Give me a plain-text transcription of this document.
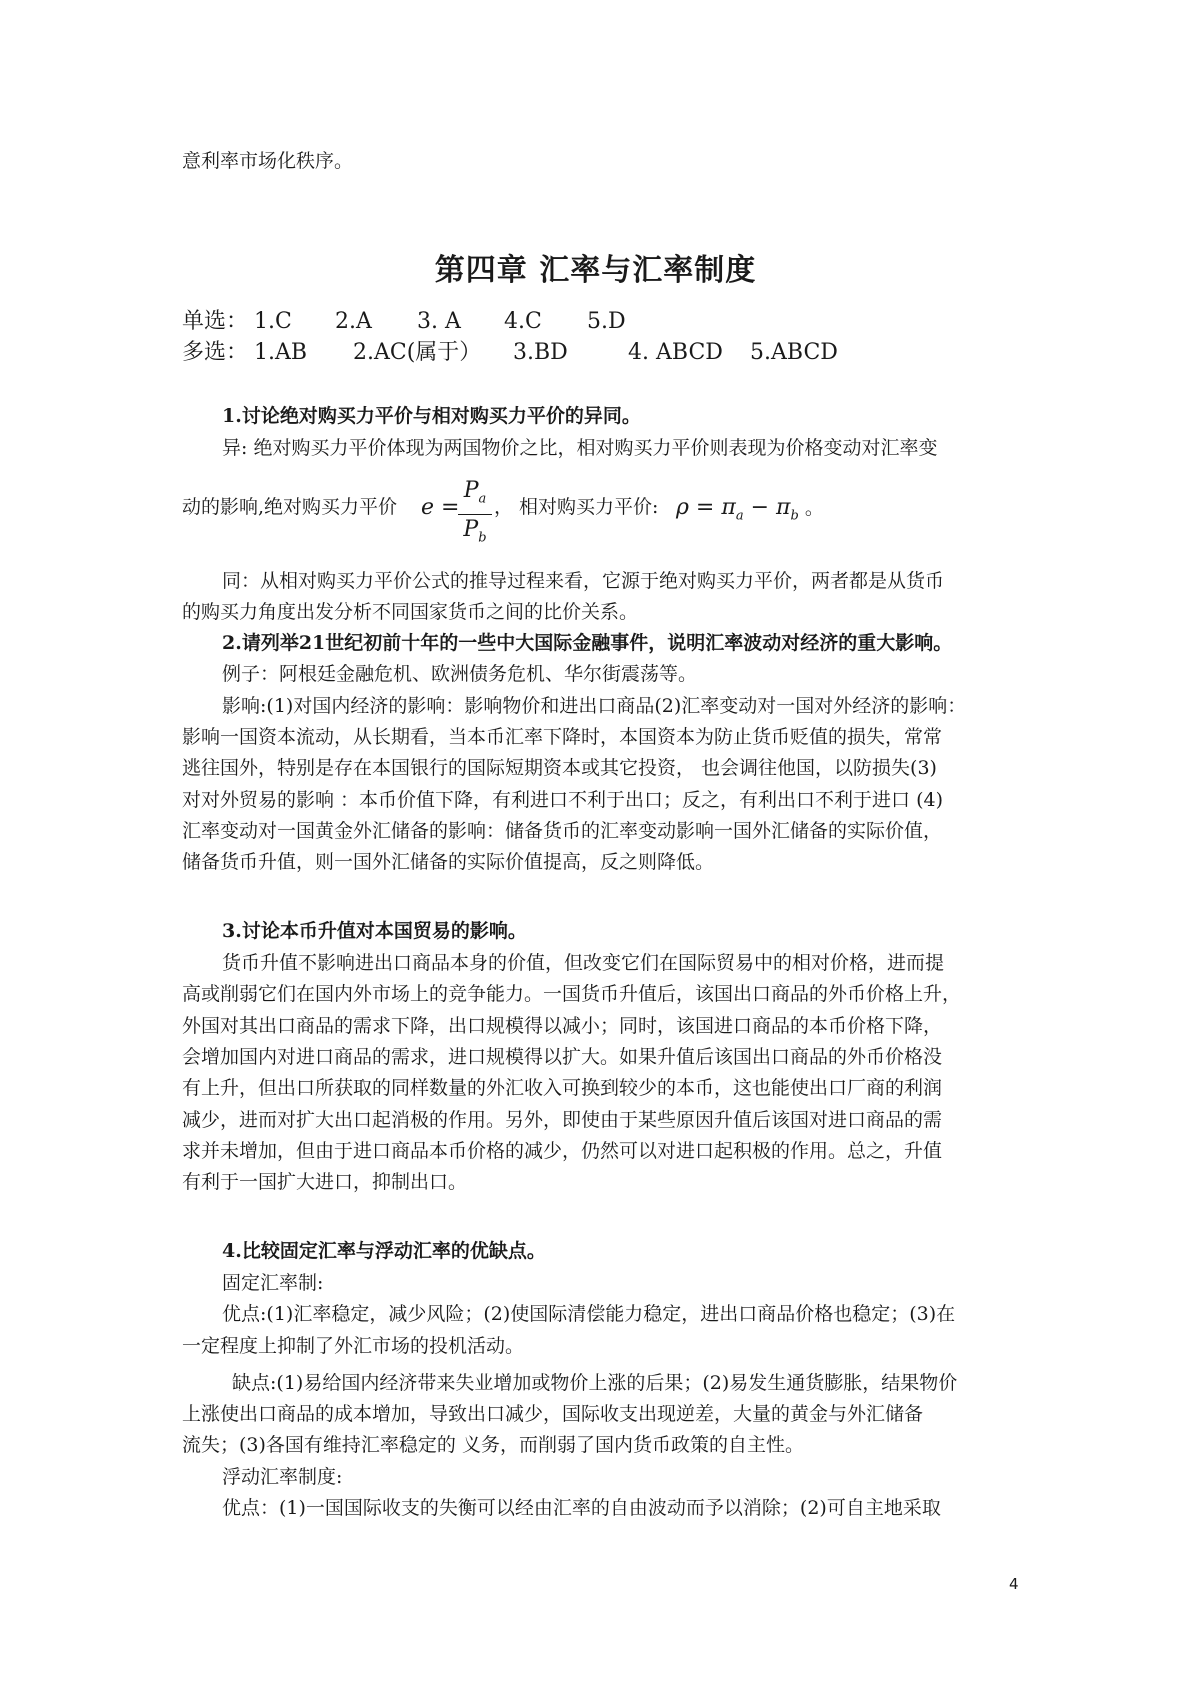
意利率市场化秩序。
第四章 汇率与汇率制度
单选： 1.C 2.A 3. A 4.C 5.D
多选： 1.AB 2.AC(属于） 3.BD	4. ABCD 5.ABCD
1.讨论绝对购买力平价与相对购买力平价的异同。
异: 绝对购买力平价体现为两国物价之比，相对购买力平价则表现为价格变动对汇率变
动的影响,绝对购买力平价 e =
$P_a$
$P_b$
， 相对购买力平价: $\rho = \pi_a - \pi_b$ 。
同：从相对购买力平价公式的推导过程来看，它源于绝对购买力平价，两者都是从货币
的购买力角度出发分析不同国家货币之间的比价关系。
2.请列举21世纪初前十年的一些中大国际金融事件，说明汇率波动对经济的重大影响。
例子：阿根廷金融危机、欧洲债务危机、华尔街震荡等。
影响:(1)对国内经济的影响：影响物价和进出口商品(2)汇率变动对一国对外经济的影响：
影响一国资本流动，从长期看，当本币汇率下降时，本国资本为防止货币贬值的损失，常常
逃往国外，特别是存在本国银行的国际短期资本或其它投资， 也会调往他国，以防损失(3)
对对外贸易的影响 ：本币价值下降，有利进口不利于出口；反之，有利出口不利于进口 (4)
汇率变动对一国黄金外汇储备的影响：储备货币的汇率变动影响一国外汇储备的实际价值，
储备货币升值，则一国外汇储备的实际价值提高，反之则降低。
3.讨论本币升值对本国贸易的影响。
货币升值不影响进出口商品本身的价值，但改变它们在国际贸易中的相对价格，进而提
高或削弱它们在国内外市场上的竞争能力。一国货币升值后，该国出口商品的外币价格上升，
外国对其出口商品的需求下降，出口规模得以减小；同时，该国进口商品的本币价格下降，
会增加国内对进口商品的需求，进口规模得以扩大。如果升值后该国出口商品的外币价格没
有上升，但出口所获取的同样数量的外汇收入可换到较少的本币，这也能使出口厂商的利润
减少，进而对扩大出口起消极的作用。另外，即使由于某些原因升值后该国对进口商品的需
求并未增加，但由于进口商品本币价格的减少，仍然可以对进口起积极的作用。总之，升值
有利于一国扩大进口，抑制出口。
4.比较固定汇率与浮动汇率的优缺点。
固定汇率制:
优点:(1)汇率稳定，减少风险；(2)使国际清偿能力稳定，进出口商品价格也稳定；(3)在
一定程度上抑制了外汇市场的投机活动。
缺点:(1)易给国内经济带来失业增加或物价上涨的后果；(2)易发生通货膨胀，结果物价
上涨使出口商品的成本增加，导致出口减少，国际收支出现逆差，大量的黄金与外汇储备
流失；(3)各国有维持汇率稳定的 义务，而削弱了国内货币政策的自主性。
浮动汇率制度:
优点：(1)一国国际收支的失衡可以经由汇率的自由波动而予以消除；(2)可自主地采取
4
